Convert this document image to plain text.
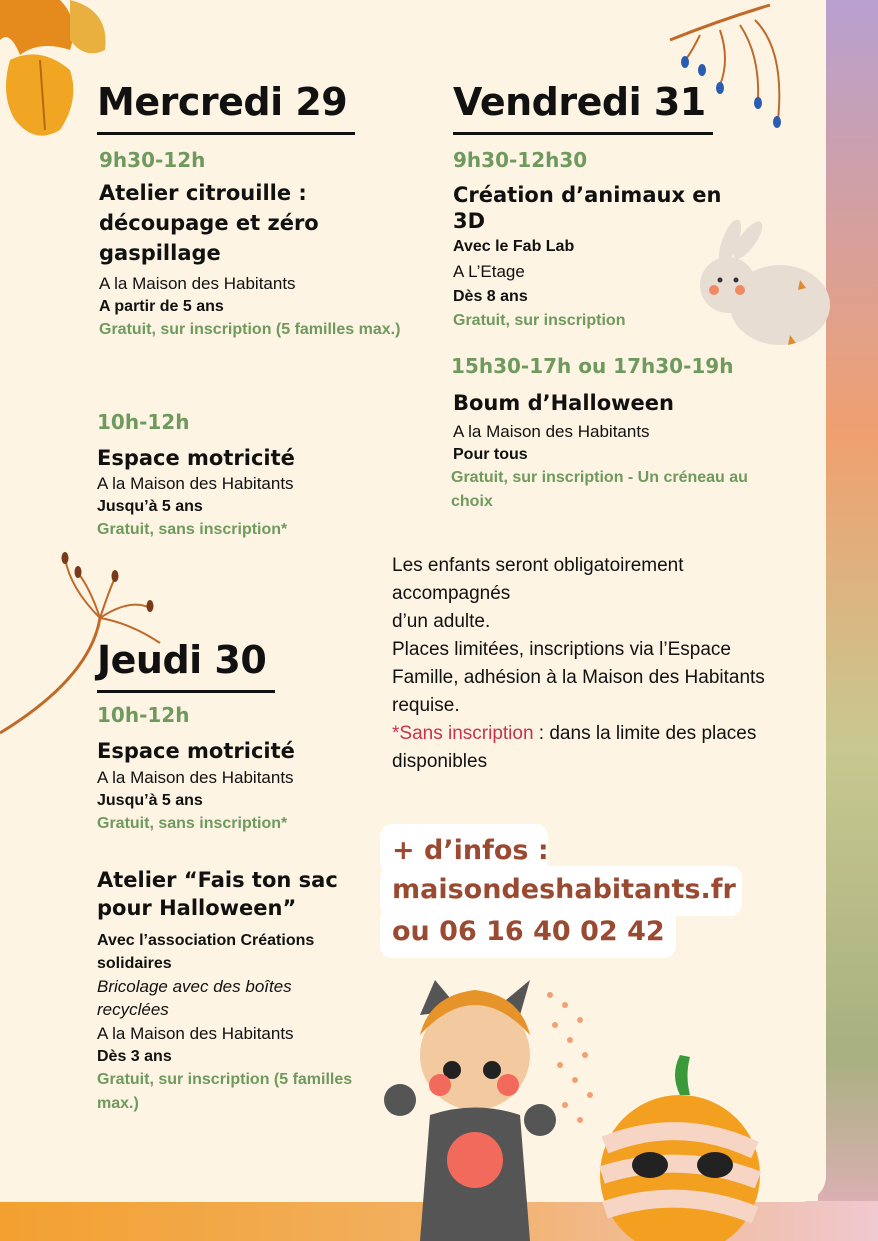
Mercredi 29
9h30-12h
Atelier citrouille : découpage et zéro gaspillage
A la Maison des Habitants
A partir de 5 ans
Gratuit, sur inscription (5 familles max.)
10h-12h
Espace motricité
A la Maison des Habitants
Jusqu’à 5 ans
Gratuit, sans inscription*
Jeudi 30
10h-12h
Espace motricité
A la Maison des Habitants
Jusqu’à 5 ans
Gratuit, sans inscription*
Atelier “Fais ton sac pour Halloween”
Avec l’association Créations solidaires
Bricolage avec des boîtes recyclées
A la Maison des Habitants
Dès 3 ans
Gratuit, sur inscription (5 familles max.)
Vendredi 31
9h30-12h30
Création d’animaux en 3D
Avec le Fab Lab
A L’Etage
Dès 8 ans
Gratuit, sur inscription
15h30-17h ou 17h30-19h
Boum d’Halloween
A la Maison des Habitants
Pour tous
Gratuit, sur inscription - Un créneau au choix
Les enfants seront obligatoirement accompagnés
d’un adulte.
Places limitées, inscriptions via l’Espace Famille, adhésion à la Maison des Habitants requise.
*Sans inscription : dans la limite des places disponibles
+ d’infos :
maisondeshabitants.fr
ou 06 16 40 02 42
